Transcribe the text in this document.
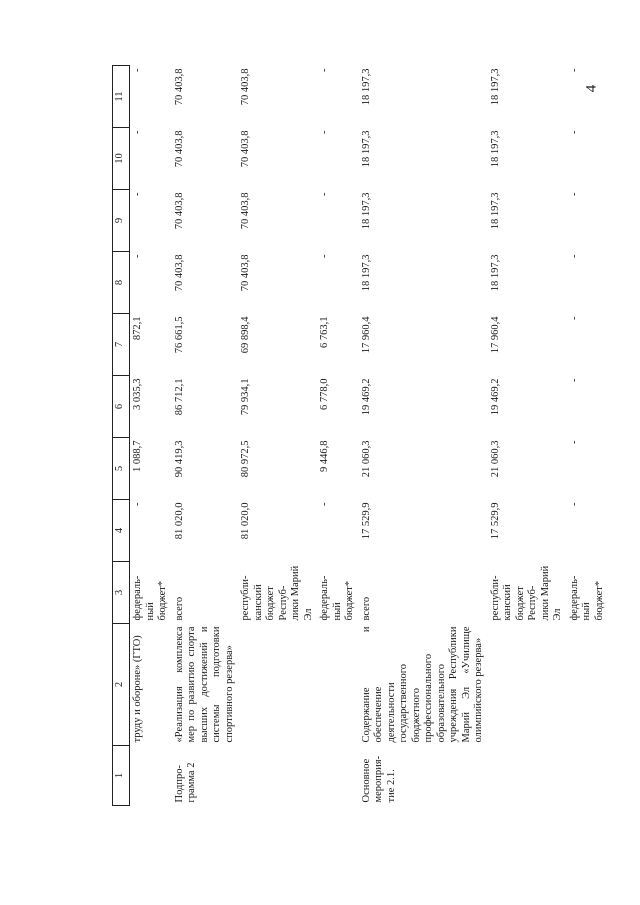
4
1	2	3	4	5	6	7	8	9	10	11
	труду и обороне» (ГТО)	федераль-ный бюджет*	-	1 088,7	3 035,3	872,1	-	-	-	-
Подпро-грамма 2	«Реализация комплекса мер по развитию спорта высших достижений и системы подготовки спортивного резерва»	всего	81 020,0	90 419,3	86 712,1	76 661,5	70 403,8	70 403,8	70 403,8	70 403,8
		республи-канский бюджет Респуб-лики Марий Эл	81 020,0	80 972,5	79 934,1	69 898,4	70 403,8	70 403,8	70 403,8	70 403,8
		федераль-ный бюджет*	-	9 446,8	6 778,0	6 763,1	-	-	-	-
Основное мероприя-тие 2.1.	Содержание и обеспечение деятельности государственного бюджетного профессионального образовательного учреждения Республики Марий Эл «Училище олимпийского резерва»	всего	17 529,9	21 060,3	19 469,2	17 960,4	18 197,3	18 197,3	18 197,3	18 197,3
		республи-канский бюджет Респуб-лики Марий Эл	17 529,9	21 060,3	19 469,2	17 960,4	18 197,3	18 197,3	18 197,3	18 197,3
		федераль-ный бюджет*	-	-	-	-	-	-	-	-
